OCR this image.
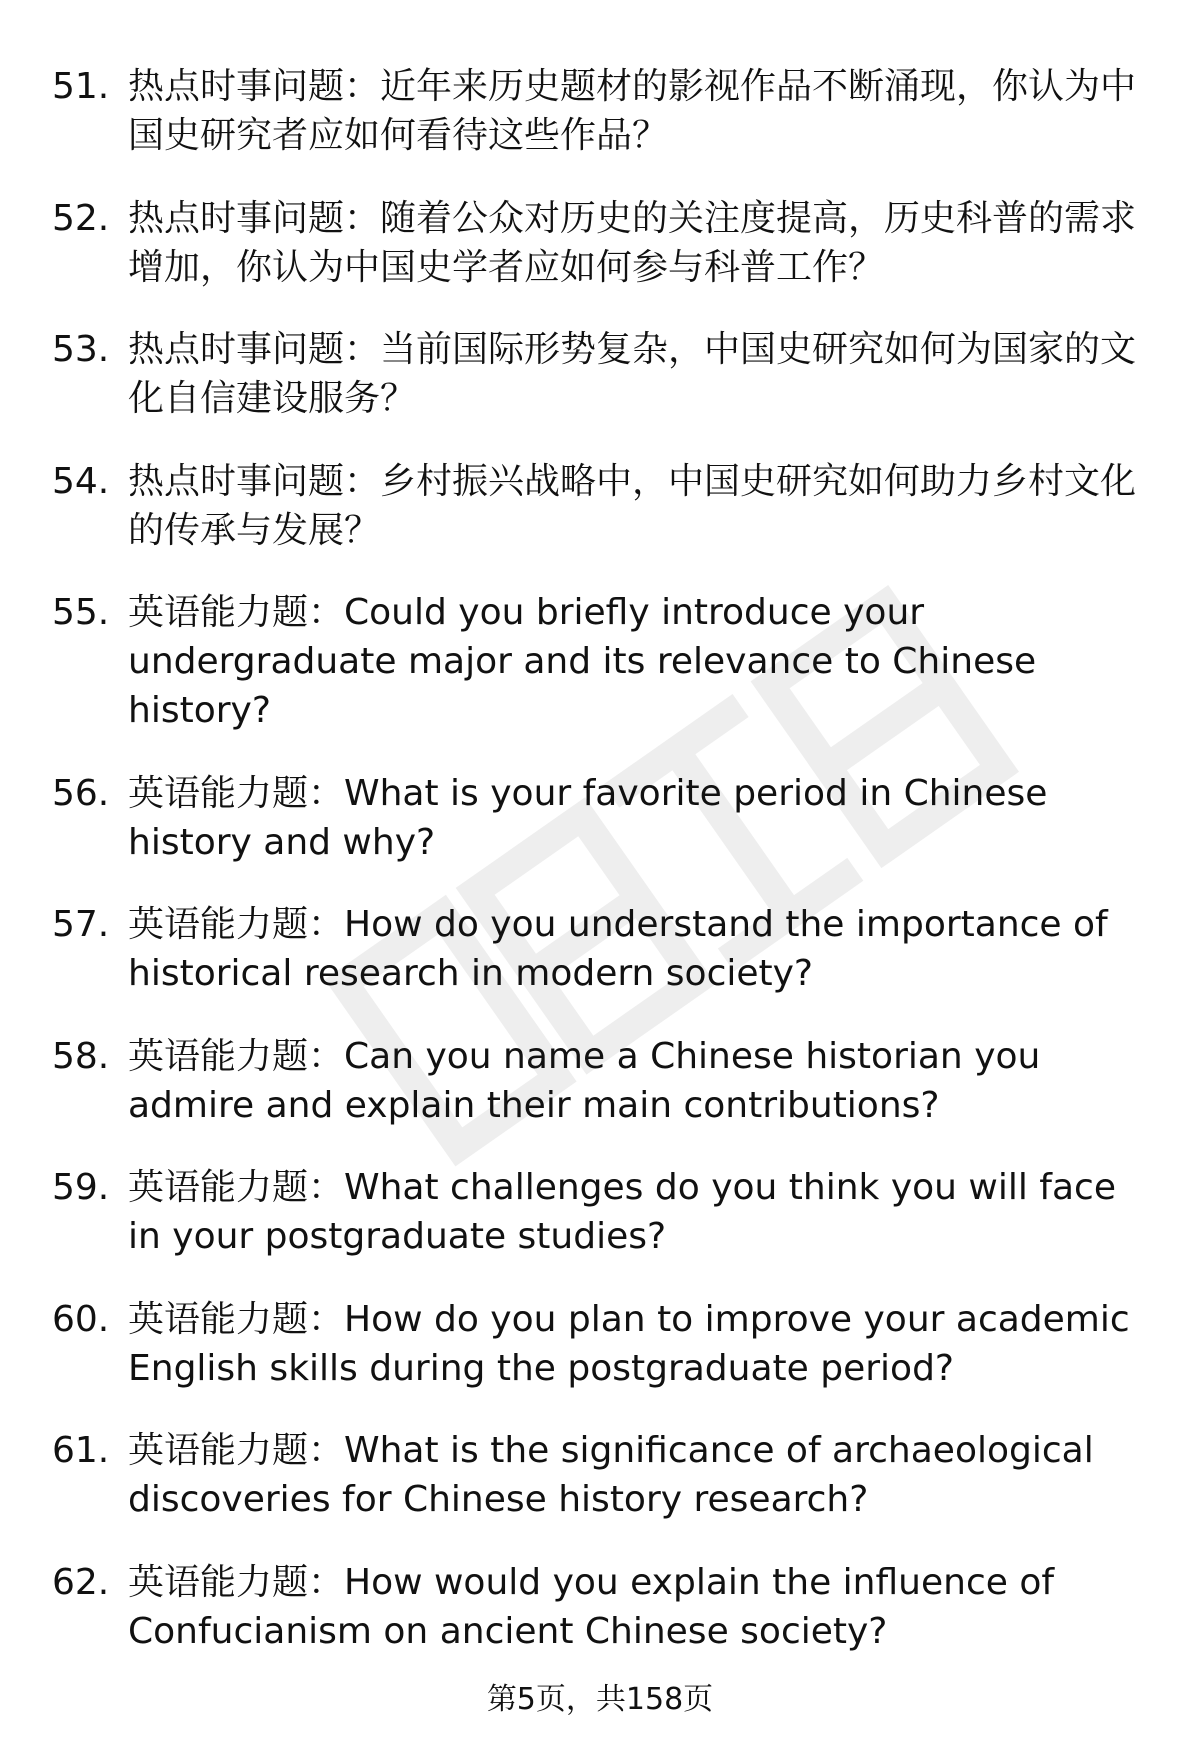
51. 热点时事问题：近年来历史题材的影视作品不断涌现，你认为中国史研究者应如何看待这些作品？
52. 热点时事问题：随着公众对历史的关注度提高，历史科普的需求增加，你认为中国史学者应如何参与科普工作？
53. 热点时事问题：当前国际形势复杂，中国史研究如何为国家的文化自信建设服务？
54. 热点时事问题：乡村振兴战略中，中国史研究如何助力乡村文化的传承与发展？
55. 英语能力题：Could you briefly introduce your undergraduate major and its relevance to Chinese history?
56. 英语能力题：What is your favorite period in Chinese history and why?
57. 英语能力题：How do you understand the importance of historical research in modern society?
58. 英语能力题：Can you name a Chinese historian you admire and explain their main contributions?
59. 英语能力题：What challenges do you think you will face in your postgraduate studies?
60. 英语能力题：How do you plan to improve your academic English skills during the postgraduate period?
61. 英语能力题：What is the significance of archaeological discoveries for Chinese history research?
62. 英语能力题：How would you explain the influence of Confucianism on ancient Chinese society?
第5页，共158页
